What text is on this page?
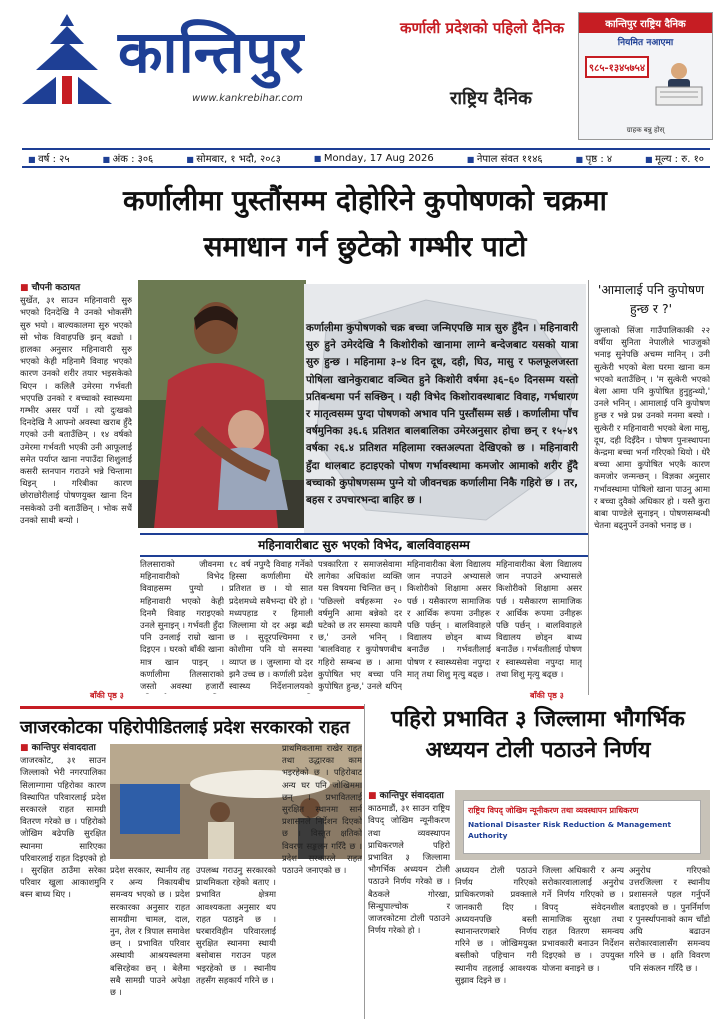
कान्तिपुर	कर्णाली प्रदेशको पहिलो दैनिक
www.kankrebihar.com	राष्ट्रिय दैनिक
कान्तिपुर राष्ट्रिय दैनिक
नियमित नआएमा
९८५-१३४५७५४
ग्राहक बन्नु होस्
■ वर्ष : २५	■ अंक : ३०६	■ सोमबार, १ भदौ, २०८३	■ Monday, 17 Aug 2026	■ नेपाल संवत ११४६	■ पृष्ठ : ४	■ मूल्य : रु. १०
कर्णालीमा पुस्तौंसम्म दोहोरिने कुपोषणको चक्रमा
समाधान गर्न छुटेको गम्भीर पाटो

■ चौपनी कठायत

सुर्खेत, ३१ साउन महिनावारी सुरु भएको दिनदेखि नै उनको भोकसँगै सुरु भयो । बाल्यकालमा सुरु भएको सो भोक विवाहपछि झन् बढ्यो । हालका अनुसार महिनावारी सुरु भएको केही महिनामै विवाह भएको कारण उनको शरीर तयार भइसकेको थिएन । कलिलै उमेरमा गर्भवती भएपछि उनको र बच्चाको स्वास्थ्यमा गम्भीर असर पर्यो । त्यो दुःखको दिनदेखि नै आफ्नो अवस्था खराब हुँदै गएको उनी बताउँछिन् । १४ वर्षको उमेरमा गर्भवती भएकी उनी आफूलाई समेत पर्याप्त खाना नपाउँदा शिशुलाई कसरी स्तनपान गराउने भन्ने चिन्तामा थिइन् । गरिबीका कारण छोराछोरीलाई पोषणयुक्त खाना दिन नसकेको उनी बताउँछिन् । भोक सधैं उनको साथी बन्यो ।

बाँकी पृष्ठ ३
कर्णालीमा कुपोषणको चक्र बच्चा जन्मिएपछि मात्र सुरु हुँदैन । महिनावारी सुरु हुने उमेरदेखि नै किशोरीको खानामा लाग्ने बन्देजबाट यसको यात्रा सुरु हुन्छ । महिनामा ३–४ दिन दूध, दही, घिउ, मासु र फलफूलजस्ता पोषिला खानेकुराबाट वञ्चित हुने किशोरी वर्षमा ३६–६० दिनसम्म यस्तो प्रतिबन्धमा पर्न सक्छिन् । यही विभेद किशोरावस्थाबाट विवाह, गर्भधारण र मातृत्वसम्म पुग्दा पोषणको अभाव पनि पुस्तौंसम्म सर्छ । कर्णालीमा पाँच वर्षमुनिका ३६.६ प्रतिशत बालबालिका उमेरअनुसार होचा छन् र १५–४९ वर्षका २६.४ प्रतिशत महिलामा रक्तअल्पता देखिएको छ । महिनावारी हुँदा थालबाट हटाइएको पोषण गर्भावस्थामा कमजोर आमाको शरीर हुँदै बच्चाको कुपोषणसम्म पुग्ने यो जीवनचक्र कर्णालीमा निकै गहिरो छ । तर, बहस र उपचारभन्दा बाहिर छ ।
महिनावारीबाट सुरु भएको विभेद, बालविवाहसम्म

तिलसाराको जीवनमा महिनावारीको विभेद विवाहसम्म पुग्यो । महिनावारी भएको केही दिनमै विवाह गराइएको उनले सुनाइन् । गर्भवती हुँदा पनि उनलाई राम्रो खाना दिइएन । घरको बाँकी खाना मात्र खान पाइन् । कर्णालीमा तिलसाराको जस्तो अवस्था हजारौं

१८ वर्ष नपुग्दै विवाह गर्नेको हिस्सा कर्णालीमा धेरै प्रतिशत छ । यो सात प्रदेशमध्ये सबैभन्दा धेरै हो । मध्यपहाड र हिमाली जिल्लामा यो दर अझ बढी छ । सुदूरपश्चिममा र कोशीमा पनि यो समस्या व्याप्त छ । जुम्लामा यो दर झनै उच्च छ । कर्णाली प्रदेश स्वास्थ्य निर्देशनालयको

पत्रकारिता र समाजसेवामा लागेका अधिकांश व्यक्ति यस विषयमा चिन्तित छन् । 'पछिल्लो वर्षहरूमा २० वर्षमुनि आमा बन्नेको दर घटेको छ तर समस्या कायमै छ,' उनले भनिन् । 'बालविवाह र कुपोषणबीच गहिरो सम्बन्ध छ । आमा कुपोषित भए बच्चा पनि कुपोषित हुन्छ,' उनले थपिन्

महिनावारीका बेला विद्यालय जान नपाउने अभ्यासले किशोरीको शिक्षामा असर पर्छ । यसैकारण सामाजिक र आर्थिक रूपमा उनीहरू पछि पर्छन् । बालविवाहले विद्यालय छोड्न बाध्य बनाउँछ । गर्भवतीलाई पोषण र स्वास्थ्यसेवा नपुग्दा मातृ तथा शिशु मृत्यु बढ्छ ।

महिनावारीका बेला विद्यालय जान नपाउने अभ्यासले किशोरीको शिक्षामा असर पर्छ । यसैकारण सामाजिक र आर्थिक रूपमा उनीहरू पछि पर्छन् । बालविवाहले विद्यालय छोड्न बाध्य बनाउँछ । गर्भवतीलाई पोषण र स्वास्थ्यसेवा नपुग्दा मातृ तथा शिशु मृत्यु बढ्छ ।

बाँकी पृष्ठ ३
'आमालाई पनि कुपोषण हुन्छ र ?'

जुम्लाको सिंजा गाउँपालिकाकी २२ वर्षीया सुनिता नेपालीले भाउजुको भनाइ सुनेपछि अचम्म मानिन् । उनी सुत्केरी भएको बेला घरमा खाना कम भएको बताउँछिन् । 'म सुत्केरी भएको बेला आमा पनि कुपोषित हुनुहुन्थ्यो,' उनले भनिन् । आमालाई पनि कुपोषण हुन्छ र भन्ने प्रश्न उनको मनमा बस्यो । सुत्केरी र महिनावारी भएको बेला मासु, दूध, दही दिइँदैन । पोषण पुनःस्थापना केन्द्रमा बच्चा भर्ना गरिएको थियो । धेरै बच्चा आमा कुपोषित भएकै कारण कमजोर जन्मन्छन् । विज्ञका अनुसार गर्भावस्थामा पोषिलो खाना पाउनु आमा र बच्चा दुवैको अधिकार हो । यस्तै कुरा बाबा पाण्डेले सुनाइन् । पोषणसम्बन्धी चेतना बढ्नुपर्ने उनको भनाइ छ ।

जाजरकोटका पहिरोपीडितलाई प्रदेश सरकारको राहत

■ कान्तिपुर संवाददाता

जाजरकोट, ३१ साउन जिल्लाको भेरी नगरपालिका सिलाम्गामा पहिरोका कारण विस्थापित परिवारलाई प्रदेश सरकारले राहत सामग्री वितरण गरेको छ । पहिरोको जोखिम बढेपछि सुरक्षित स्थानमा सारिएका परिवारलाई राहत दिइएको हो । सुरक्षित ठाउँमा सरेका परिवार खुला आकाशमुनि बस्न बाध्य थिए ।

प्रदेश सरकार, स्थानीय तह र अन्य निकायबीच समन्वय भएको छ । प्रदेश सरकारका अनुसार राहत सामग्रीमा चामल, दाल, नुन, तेल र त्रिपाल समावेश छन् । प्रभावित परिवार अस्थायी आश्रयस्थलमा बसिरहेका छन् । बेलैमा सबै सामग्री पाउने अपेक्षा छ ।

उपलब्ध गराउनु सरकारको प्राथमिकता रहेको बताए । प्रभावित क्षेत्रमा आवश्यकता अनुसार थप राहत पठाइने छ । घरबारविहीन परिवारलाई सुरक्षित स्थानमा स्थायी बसोबास गराउन पहल भइरहेको छ । स्थानीय तहसँग सहकार्य गरिने छ ।

प्राथमिकतामा राखेर राहत तथा उद्धारका काम भइरहेको छ । पहिरोबाट अन्य घर पनि जोखिममा छन् । प्रभावितलाई सुरक्षित स्थानमा सार्न प्रशासनले निर्देशन दिएको छ । विस्तृत क्षतिको विवरण सङ्कलन गरिँदै छ । प्रदेश सरकारले राहत पठाउने जनाएको छ ।

पहिरो प्रभावित ३ जिल्लामा भौगर्भिक
अध्ययन टोली पठाउने निर्णय

■ कान्तिपुर संवाददाता

काठमाडौं, ३१ साउन राष्ट्रिय विपद् जोखिम न्यूनीकरण तथा व्यवस्थापन प्राधिकरणले पहिरो प्रभावित ३ जिल्लामा भौगर्भिक अध्ययन टोली पठाउने निर्णय गरेको छ । बैठकले गोरखा, सिन्धुपाल्चोक र जाजरकोटमा टोली पठाउने निर्णय गरेको हो ।

राष्ट्रिय विपद् जोखिम न्यूनीकरण तथा व्यवस्थापन प्राधिकरण
National Disaster Risk Reduction & Management Authority

अध्ययन टोली पठाउने निर्णय गरिएको प्राधिकरणको प्रवक्ताले जानकारी दिए । अध्ययनपछि बस्ती स्थानान्तरणबारे निर्णय गरिने छ । जोखिमयुक्त बस्तीको पहिचान गरी स्थानीय तहलाई आवश्यक सुझाव दिइने छ ।

जिल्ला अधिकारी र अन्य सरोकारवालालाई अनुरोध गर्ने निर्णय गरिएको छ । विपद् संवेदनशील सामाजिक सुरक्षा तथा राहत वितरण समन्वय प्रभावकारी बनाउन निर्देशन दिइएको छ । उपयुक्त योजना बनाइने छ ।

अनुरोध गरिएको उत्तरजिल्ला र स्थानीय प्रशासनले पहल गर्नुपर्ने बताइएको छ । पुनर्निर्माण र पुनर्स्थापनाको काम चाँडो अघि बढाउन सरोकारवालासँग समन्वय गरिने छ । क्षति विवरण पनि संकलन गरिँदै छ ।
